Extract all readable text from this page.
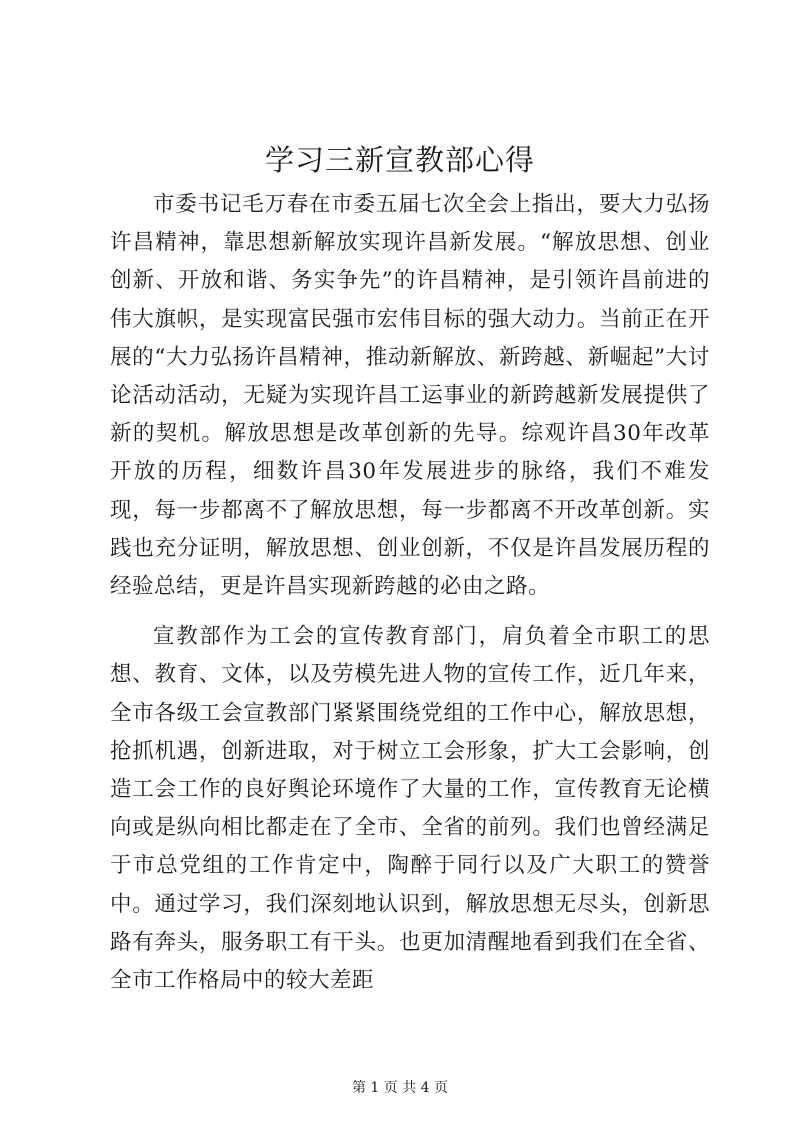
学习三新宣教部心得

市委书记毛万春在市委五届七次全会上指出，要大力弘扬许昌精神，靠思想新解放实现许昌新发展。“解放思想、创业创新、开放和谐、务实争先”的许昌精神，是引领许昌前进的伟大旗帜，是实现富民强市宏伟目标的强大动力。当前正在开展的“大力弘扬许昌精神，推动新解放、新跨越、新崛起”大讨论活动活动，无疑为实现许昌工运事业的新跨越新发展提供了新的契机。解放思想是改革创新的先导。综观许昌30年改革开放的历程，细数许昌30年发展进步的脉络，我们不难发现，每一步都离不了解放思想，每一步都离不开改革创新。实践也充分证明，解放思想、创业创新，不仅是许昌发展历程的经验总结，更是许昌实现新跨越的必由之路。

宣教部作为工会的宣传教育部门，肩负着全市职工的思想、教育、文体，以及劳模先进人物的宣传工作，近几年来，全市各级工会宣教部门紧紧围绕党组的工作中心，解放思想，抢抓机遇，创新进取，对于树立工会形象，扩大工会影响，创造工会工作的良好舆论环境作了大量的工作，宣传教育无论横向或是纵向相比都走在了全市、全省的前列。我们也曾经满足于市总党组的工作肯定中，陶醉于同行以及广大职工的赞誉中。通过学习，我们深刻地认识到，解放思想无尽头，创新思路有奔头，服务职工有干头。也更加清醒地看到我们在全省、全市工作格局中的较大差距

第 1 页 共 4 页
